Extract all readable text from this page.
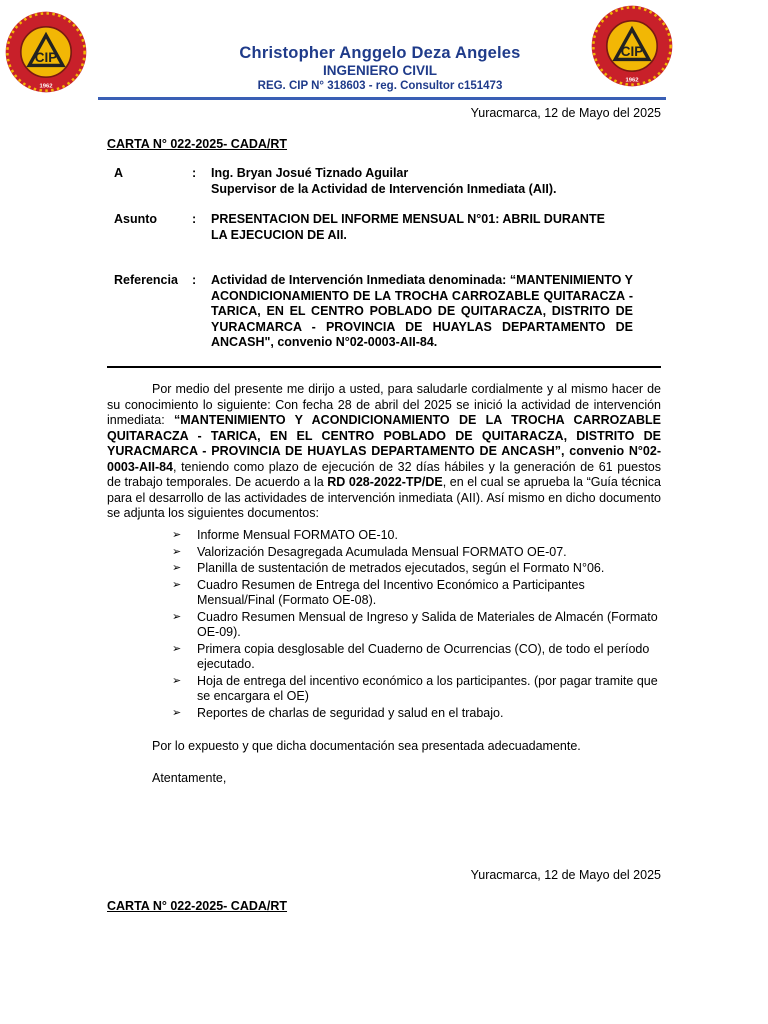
CIP
1962
CIP
1962
Christopher Anggelo Deza Angeles
INGENIERO CIVIL
REG. CIP N° 318603 - reg. Consultor c151473
Yuracmarca, 12 de Mayo del 2025
CARTA N° 022-2025- CADA/RT
A	: Ing. Bryan Josué Tiznado Aguilar
Supervisor de la Actividad de Intervención Inmediata (AII).
Asunto	: PRESENTACION DEL INFORME MENSUAL N°01: ABRIL DURANTE LA EJECUCION DE AII.
Referencia : Actividad de Intervención Inmediata denominada: “MANTENIMIENTO Y ACONDICIONAMIENTO DE LA TROCHA CARROZABLE QUITARACZA - TARICA, EN EL CENTRO POBLADO DE QUITARACZA, DISTRITO DE YURACMARCA - PROVINCIA DE HUAYLAS DEPARTAMENTO DE ANCASH", convenio N°02-0003-AII-84.
Por medio del presente me dirijo a usted, para saludarle cordialmente y al mismo hacer de su conocimiento lo siguiente: Con fecha 28 de abril del 2025 se inició la actividad de intervención inmediata: “MANTENIMIENTO Y ACONDICIONAMIENTO DE LA TROCHA CARROZABLE QUITARACZA - TARICA, EN EL CENTRO POBLADO DE QUITARACZA, DISTRITO DE YURACMARCA - PROVINCIA DE HUAYLAS DEPARTAMENTO DE ANCASH”, convenio N°02-0003-AII-84, teniendo como plazo de ejecución de 32 días hábiles y la generación de 61 puestos de trabajo temporales. De acuerdo a la RD 028-2022-TP/DE, en el cual se aprueba la “Guía técnica para el desarrollo de las actividades de intervención inmediata (AII). Así mismo en dicho documento se adjunta los siguientes documentos:
➢ Informe Mensual FORMATO OE-10.
➢ Valorización Desagregada Acumulada Mensual FORMATO OE-07.
➢ Planilla de sustentación de metrados ejecutados, según el Formato N°06.
➢ Cuadro Resumen de Entrega del Incentivo Económico a Participantes Mensual/Final (Formato OE-08).
➢ Cuadro Resumen Mensual de Ingreso y Salida de Materiales de Almacén (Formato OE-09).
➢ Primera copia desglosable del Cuaderno de Ocurrencias (CO), de todo el período ejecutado.
➢ Hoja de entrega del incentivo económico a los participantes. (por pagar tramite que se encargara el OE)
➢ Reportes de charlas de seguridad y salud en el trabajo.
Por lo expuesto y que dicha documentación sea presentada adecuadamente.
Atentamente,
Yuracmarca, 12 de Mayo del 2025
CARTA N° 022-2025- CADA/RT
